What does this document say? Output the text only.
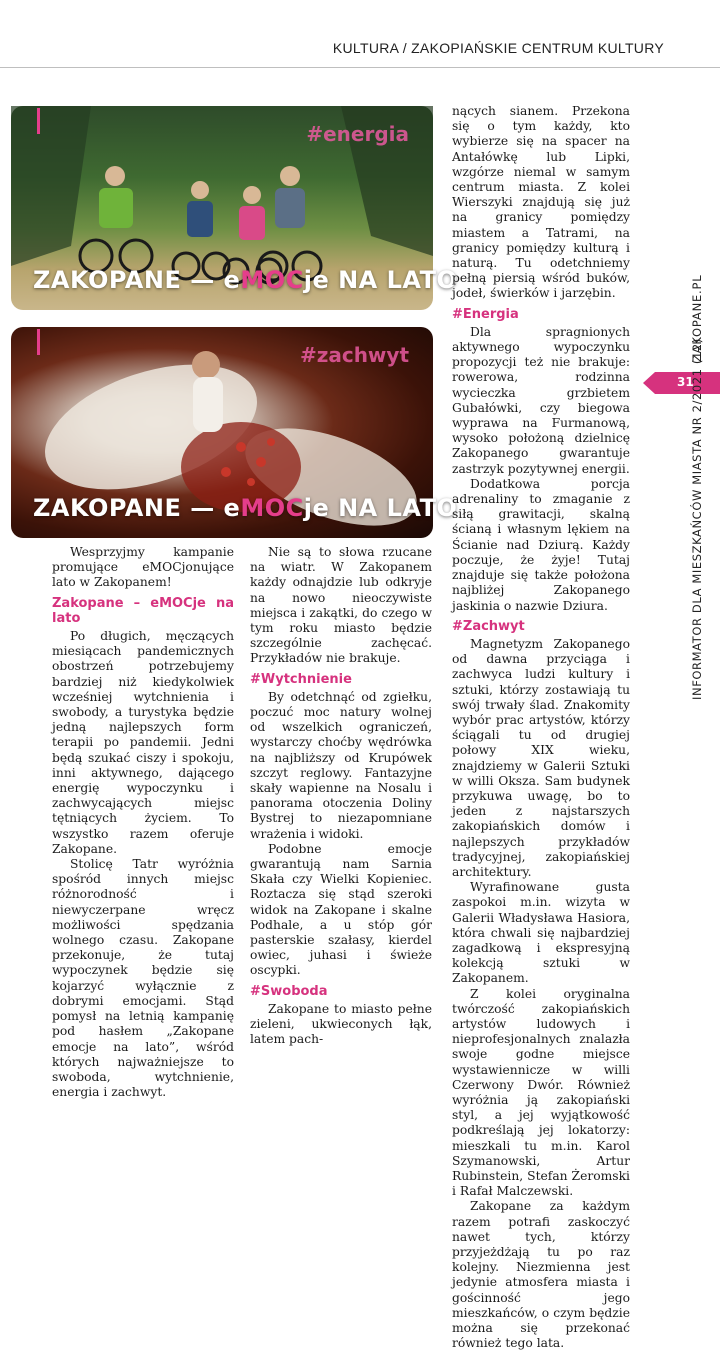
KULTURA / ZAKOPIAŃSKIE CENTRUM KULTURY
#energia
ZAKOPANE — eMOCje NA LATO
#zachwyt
ZAKOPANE — eMOCje NA LATO

Wesprzyjmy kampanie promujące eMOCjonujące lato w Zakopanem!

Zakopane – eMOCje na lato

Po długich, męczących miesiącach pandemicznych obostrzeń potrzebujemy bardziej niż kiedykolwiek wcześniej wytchnienia i swobody, a turystyka będzie jedną najlepszych form terapii po pandemii. Jedni będą szukać ciszy i spokoju, inni aktywnego, dającego energię wypoczynku i zachwycających miejsc tętniących życiem. To wszystko razem oferuje Zakopane.

Stolicę Tatr wyróżnia spośród innych miejsc różnorodność i niewyczerpane wręcz możliwości spędzania wolnego czasu. Zakopane przekonuje, że tutaj wypoczynek będzie się kojarzyć wyłącznie z dobrymi emocjami. Stąd pomysł na letnią kampanię pod hasłem „Zakopane emocje na lato”, wśród których najważniejsze to swoboda, wytchnienie, energia i zachwyt.

Nie są to słowa rzucane na wiatr. W Zakopanem każdy odnajdzie lub odkryje na nowo nieoczywiste miejsca i zakątki, do czego w tym roku miasto będzie szczególnie zachęcać. Przykładów nie brakuje.

#Wytchnienie

By odetchnąć od zgiełku, poczuć moc natury wolnej od wszelkich ograniczeń, wystarczy choćby wędrówka na najbliższy od Krupówek szczyt reglowy. Fantazyjne skały wapienne na Nosalu i panorama otoczenia Doliny Bystrej to niezapomniane wrażenia i widoki.

Podobne emocje gwarantują nam Sarnia Skała czy Wielki Kopieniec. Roztacza się stąd szeroki widok na Zakopane i skalne Podhale, a u stóp gór pasterskie szałasy, kierdel owiec, juhasi i świeże oscypki.

#Swoboda

Zakopane to miasto pełne zieleni, ukwieconych łąk, latem pach-

nących sianem. Przekona się o tym każdy, kto wybierze się na spacer na Antałówkę lub Lipki, wzgórze niemal w samym centrum miasta. Z kolei Wierszyki znajdują się już na granicy pomiędzy miastem a Tatrami, na granicy pomiędzy kulturą i naturą. Tu odetchniemy pełną piersią wśród buków, jodeł, świerków i jarzębin.

#Energia

Dla spragnionych aktywnego wypoczynku propozycji też nie brakuje: rowerowa, rodzinna wycieczka grzbietem Gubałówki, czy biegowa wyprawa na Furmanową, wysoko położoną dzielnicę Zakopanego gwarantuje zastrzyk pozytywnej energii.

Dodatkowa porcja adrenaliny to zmaganie z siłą grawitacji, skalną ścianą i własnym lękiem na Ścianie nad Dziurą. Każdy poczuje, że żyje! Tutaj znajduje się także położona najbliżej Zakopanego jaskinia o nazwie Dziura.

#Zachwyt

Magnetyzm Zakopanego od dawna przyciąga i zachwyca ludzi kultury i sztuki, którzy zostawiają tu swój trwały ślad. Znakomity wybór prac artystów, którzy ściągali tu od drugiej połowy XIX wieku, znajdziemy w Galerii Sztuki w willi Oksza. Sam budynek przykuwa uwagę, bo to jeden z najstarszych zakopiańskich domów i najlepszych przykładów tradycyjnej, zakopiańskiej architektury.

Wyrafinowane gusta zaspokoi m.in. wizyta w Galerii Władysława Hasiora, która chwali się najbardziej zagadkową i ekspresyjną kolekcją sztuki w Zakopanem.

Z kolei oryginalna twórczość zakopiańskich artystów ludowych i nieprofesjonalnych znalazła swoje godne miejsce wystawiennicze w willi Czerwony Dwór. Również wyróżnia ją zakopiański styl, a jej wyjątkowość podkreślają jej lokatorzy: mieszkali tu m.in. Karol Szymanowski, Artur Rubinstein, Stefan Żeromski i Rafał Malczewski.

Zakopane za każdym razem potrafi zaskoczyć nawet tych, którzy przyjeżdżają tu po raz kolejny. Niezmienna jest jedynie atmosfera miasta i gościnność jego mieszkańców, o czym będzie można się przekonać również tego lata.

ZAKOPANE.PL
31
INFORMATOR DLA MIESZKAŃCÓW MIASTA NR 2/2021 (12)
